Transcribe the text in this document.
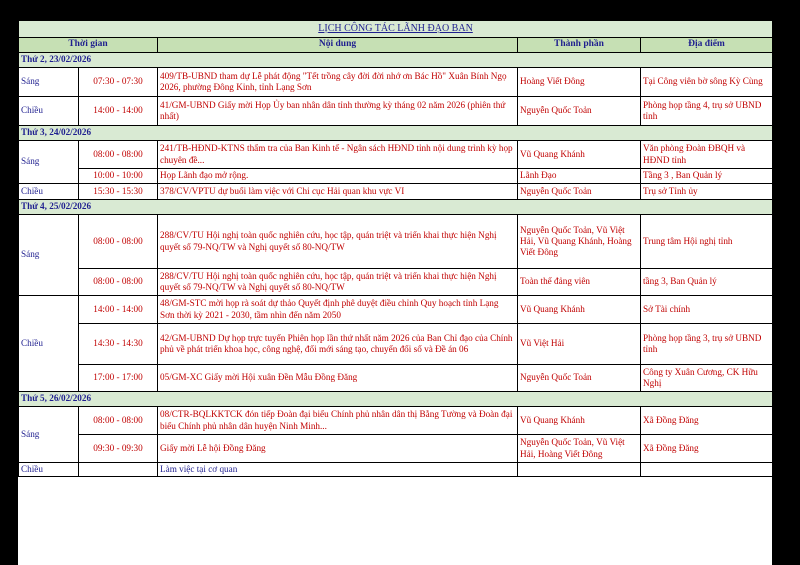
LỊCH CÔNG TÁC LÃNH ĐẠO BAN				
Thời gian		Nội dung	Thành phần	Địa điểm
Thứ 2, 23/02/2026				
Sáng	07:30 - 07:30	409/TB-UBND tham dự Lễ phát động "Tết trồng cây đời đời nhớ ơn Bác Hồ" Xuân Bính Ngọ 2026, phường Đông Kinh, tỉnh Lạng Sơn	Hoàng Viết Đông	Tại Công viên bờ sông Kỳ Cùng
Chiều	14:00 - 14:00	41/GM-UBND Giấy mời Họp Ủy ban nhân dân tỉnh thường kỳ tháng 02 năm 2026 (phiên thứ nhất)	Nguyễn Quốc Toản	Phòng họp tầng 4, trụ sở UBND tỉnh
Thứ 3, 24/02/2026				
Sáng	08:00 - 08:00	241/TB-HĐND-KTNS thẩm tra của Ban Kinh tế - Ngân sách HĐND tỉnh nội dung trình kỳ họp chuyên đề...	Vũ Quang Khánh	Văn phòng Đoàn ĐBQH và HĐND tỉnh
	10:00 - 10:00	Họp Lãnh đạo mở rộng.	Lãnh Đạo	Tầng 3 , Ban Quản lý
Chiều	15:30 - 15:30	378/CV/VPTU dự buổi làm việc với Chi cục Hải quan khu vực VI	Nguyễn Quốc Toản	Trụ sở Tỉnh ủy
Thứ 4, 25/02/2026				
Sáng	08:00 - 08:00	288/CV/TU Hội nghị toàn quốc nghiên cứu, học tập, quán triệt và triển khai thực hiện Nghị quyết số 79-NQ/TW và Nghị quyết số 80-NQ/TW	Nguyễn Quốc Toản, Vũ Việt Hải, Vũ Quang Khánh, Hoàng Viết Đông	Trung tâm Hội nghị tỉnh
	08:00 - 08:00	288/CV/TU Hội nghị toàn quốc nghiên cứu, học tập, quán triệt và triển khai thực hiện Nghị quyết số 79-NQ/TW và Nghị quyết số 80-NQ/TW	Toàn thể đảng viên	tầng 3, Ban Quản lý
Chiều	14:00 - 14:00	48/GM-STC mời họp rà soát dự thảo Quyết định phê duyệt điều chỉnh Quy hoạch tỉnh Lạng Sơn thời kỳ 2021 - 2030, tầm nhìn đến năm 2050	Vũ Quang Khánh	Sở Tài chính
	14:30 - 14:30	42/GM-UBND Dự họp trực tuyến Phiên họp lần thứ nhất năm 2026 của Ban Chỉ đạo của Chính phủ về phát triển khoa học, công nghệ, đổi mới sáng tạo, chuyển đổi số và Đề án 06	Vũ Việt Hải	Phòng họp tầng 3, trụ sở UBND tỉnh
	17:00 - 17:00	05/GM-XC Giấy mời Hội xuân Đền Mẫu Đồng Đăng	Nguyễn Quốc Toản	Công ty Xuân Cương, CK Hữu Nghị
Thứ 5, 26/02/2026				
Sáng	08:00 - 08:00	08/CTR-BQLKKTCK đón tiếp Đoàn đại biểu Chính phủ nhân dân thị Bằng Tường và Đoàn đại biểu Chính phủ nhân dân huyện Ninh Minh...	Vũ Quang Khánh	Xã Đồng Đăng
	09:30 - 09:30	Giấy mời Lễ hội Đồng Đăng	Nguyễn Quốc Toản, Vũ Việt Hải, Hoàng Viết Đông	Xã Đồng Đăng
Chiều		Làm việc tại cơ quan		
